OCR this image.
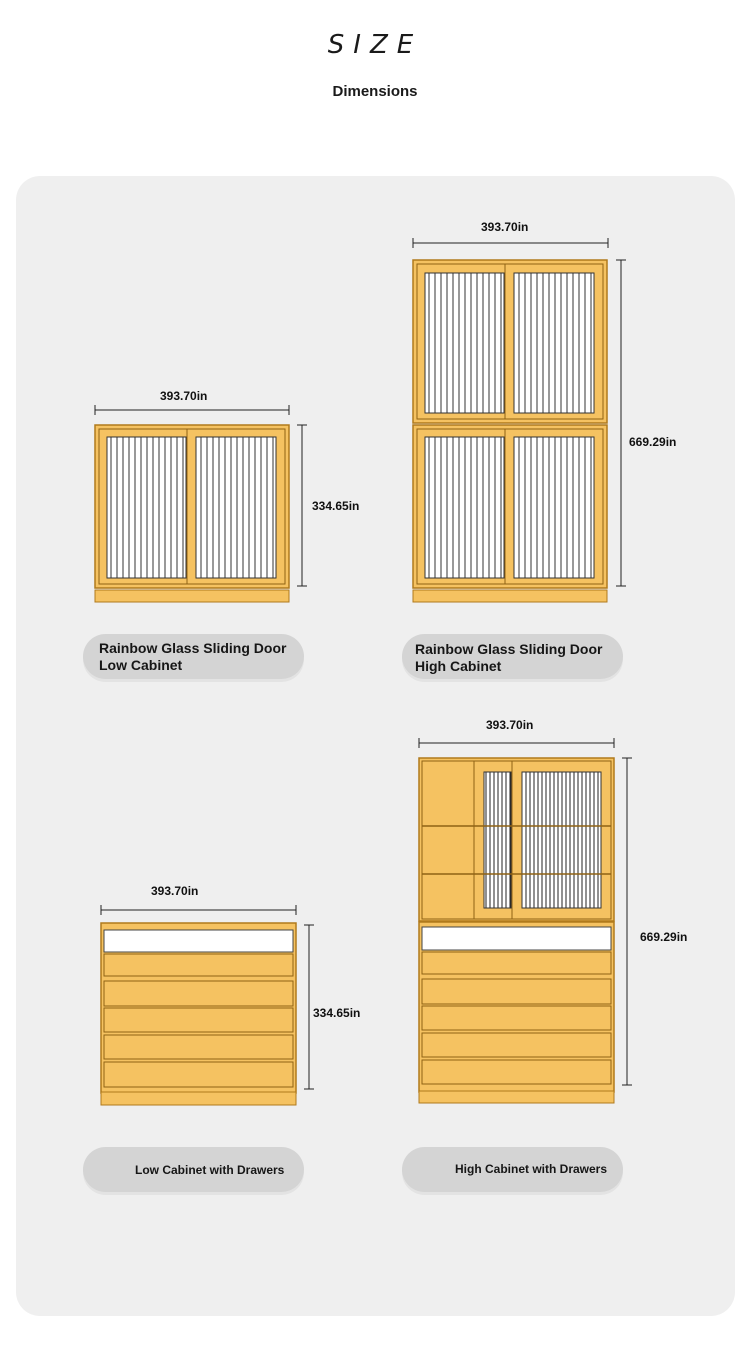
SIZE
Dimensions
393.70in
334.65in
393.70in
669.29in
393.70in
334.65in
393.70in
669.29in
Rainbow Glass Sliding Door
Low Cabinet
Rainbow Glass Sliding Door
High Cabinet
Low Cabinet with Drawers	High Cabinet with Drawers
